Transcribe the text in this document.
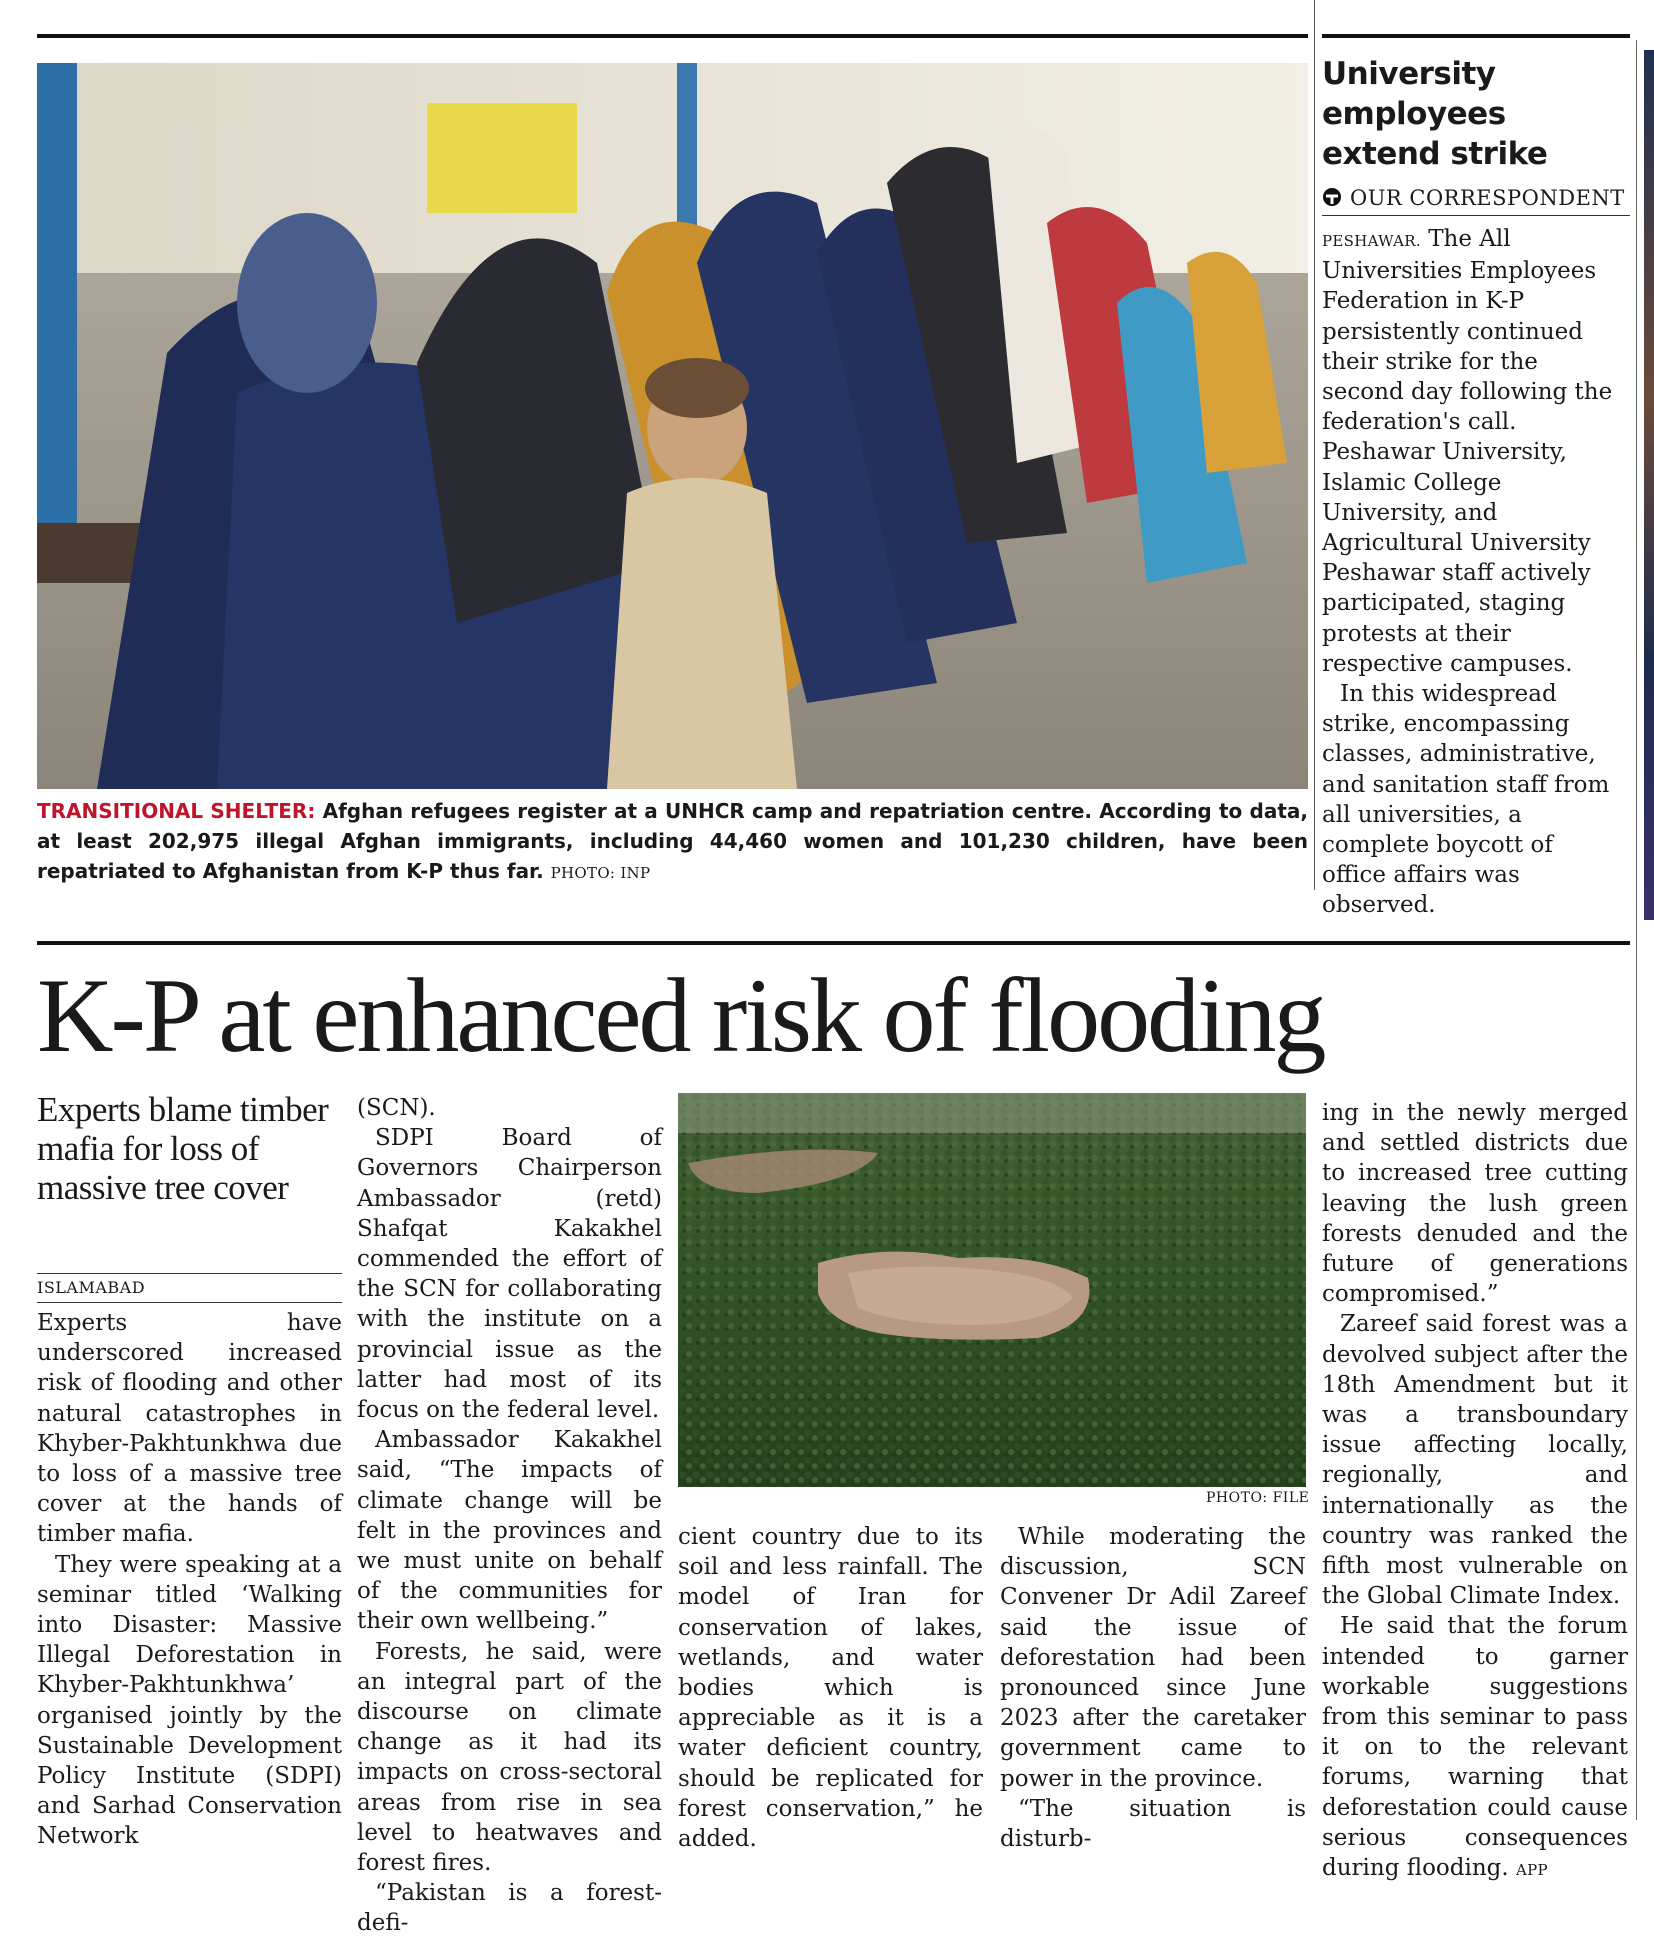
TRANSITIONAL SHELTER: Afghan refugees register at a UNHCR camp and repatriation centre. According to data, at least 202,975 illegal Afghan immigrants, including 44,460 women and 101,230 children, have been repatriated to Afghanistan from K-P thus far. PHOTO: INP
University employees extend strike
OUR CORRESPONDENT

PESHAWAR. The All Universities Employees Federation in K-P persistently continued their strike for the second day following the federation's call. Peshawar University, Islamic College University, and Agricultural University Peshawar staff actively participated, staging protests at their respective campuses.

In this widespread strike, encompassing classes, administrative, and sanitation staff from all universities, a complete boycott of office affairs was observed.

K-P at enhanced risk of flooding
Experts blame timber mafia for loss of massive tree cover
ISLAMABAD

Experts have underscored increased risk of flooding and other natural catastrophes in Khyber-Pakhtunkhwa due to loss of a massive tree cover at the hands of timber mafia.

They were speaking at a seminar titled ‘Walking into Disaster: Massive Illegal Deforestation in Khyber-Pakhtunkhwa’ organised jointly by the Sustainable Development Policy Institute (SDPI) and Sarhad Conservation Network

(SCN).

SDPI Board of Governors Chairperson Ambassador (retd) Shafqat Kakakhel commended the effort of the SCN for collaborating with the institute on a provincial issue as the latter had most of its focus on the federal level.

Ambassador Kakakhel said, “The impacts of climate change will be felt in the provinces and we must unite on behalf of the communities for their own wellbeing.”

Forests, he said, were an integral part of the discourse on climate change as it had its impacts on cross-sectoral areas from rise in sea level to heatwaves and forest fires.

“Pakistan is a forest-defi-

PHOTO: FILE

cient country due to its soil and less rainfall. The model of Iran for conservation of lakes, wetlands, and water bodies which is appreciable as it is a water deficient country, should be replicated for forest conservation,” he added.

While moderating the discussion, SCN Convener Dr Adil Zareef said the issue of deforestation had been pronounced since June 2023 after the caretaker government came to power in the province.

“The situation is disturb-

ing in the newly merged and settled districts due to increased tree cutting leaving the lush green forests denuded and the future of generations compromised.”

Zareef said forest was a devolved subject after the 18th Amendment but it was a transboundary issue affecting locally, regionally, and internationally as the country was ranked the fifth most vulnerable on the Global Climate Index.

He said that the forum intended to garner workable suggestions from this seminar to pass it on to the relevant forums, warning that deforestation could cause serious consequences during flooding. APP
